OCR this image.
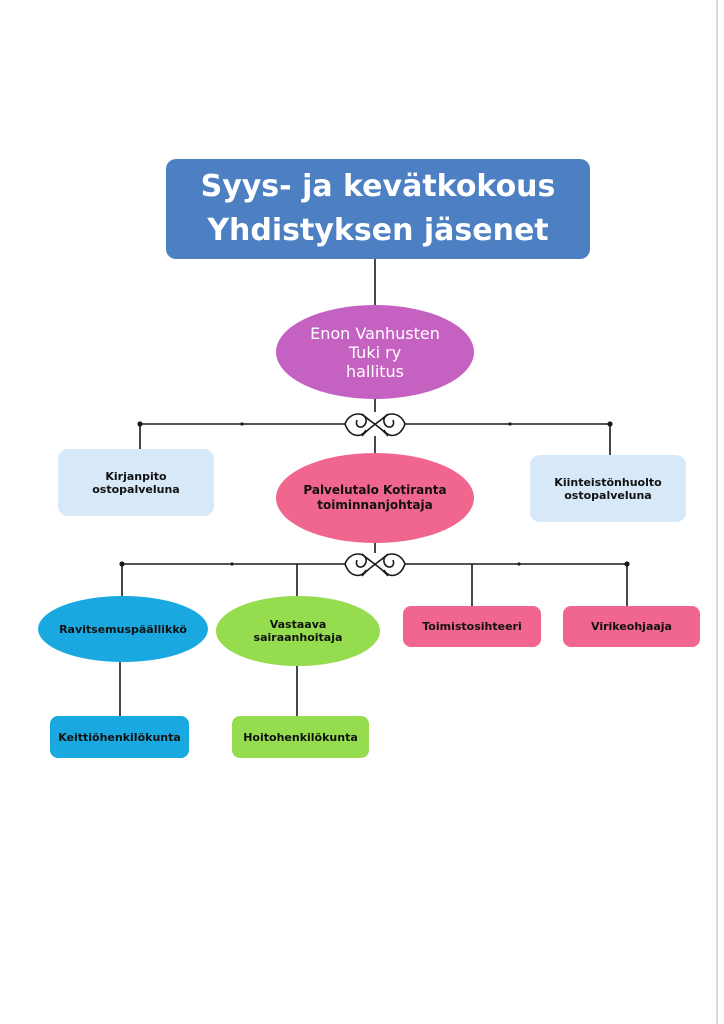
Syys- ja kevätkokous
Yhdistyksen jäsenet
Enon Vanhusten
Tuki ry
hallitus
Kirjanpito
ostopalveluna	Palvelutalo Kotiranta
toiminnanjohtaja
Kiinteistönhuolto
ostopalveluna
Ravitsemuspäällikkö	Vastaava
sairaanhoitaja
Toimistosihteeri	Virikeohjaaja
Keittiöhenkilökunta	Hoitohenkilökunta
